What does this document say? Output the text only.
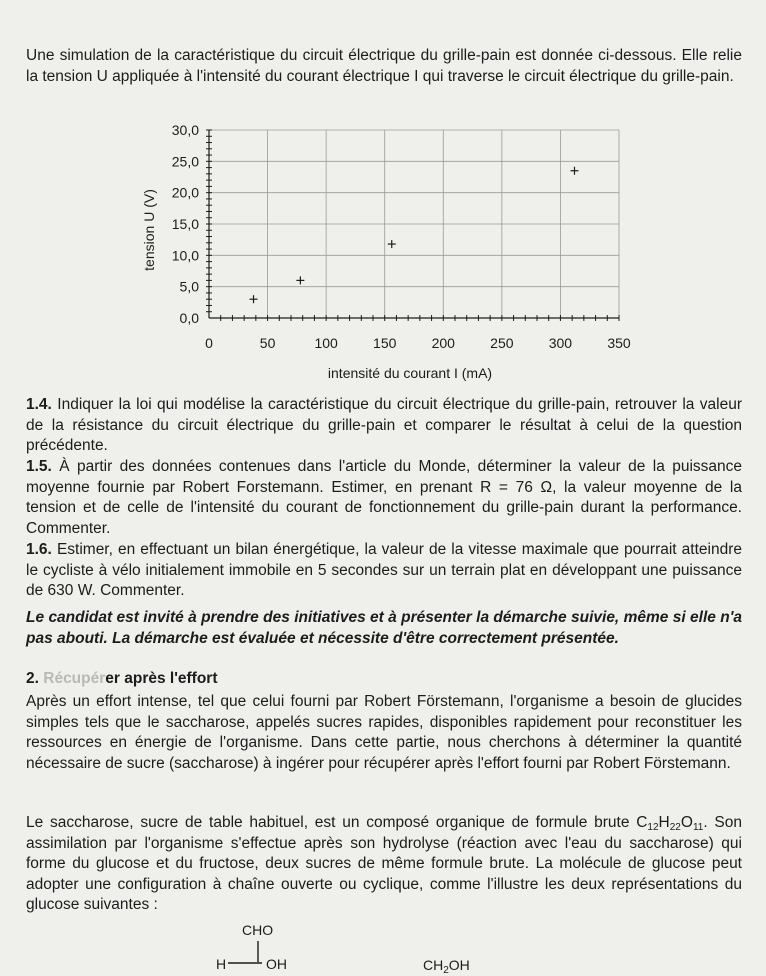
Une simulation de la caractéristique du circuit électrique du grille-pain est donnée ci-dessous. Elle relie la tension U appliquée à l'intensité du courant électrique I qui traverse le circuit électrique du grille-pain.

0	50	100	150	200	250	300	350
0,0
5,0
10,0
15,0
20,0
25,0
30,0
intensité du courant I (mA)
tension U (V)

1.4. Indiquer la loi qui modélise la caractéristique du circuit électrique du grille-pain, retrouver la valeur de la résistance du circuit électrique du grille-pain et comparer le résultat à celui de la question précédente.

1.5. À partir des données contenues dans l'article du Monde, déterminer la valeur de la puissance moyenne fournie par Robert Forstemann. Estimer, en prenant R = 76 Ω, la valeur moyenne de la tension et de celle de l'intensité du courant de fonctionnement du grille-pain durant la performance. Commenter.

1.6. Estimer, en effectuant un bilan énergétique, la valeur de la vitesse maximale que pourrait atteindre le cycliste à vélo initialement immobile en 5 secondes sur un terrain plat en développant une puissance de 630 W. Commenter.

Le candidat est invité à prendre des initiatives et à présenter la démarche suivie, même si elle n'a pas abouti. La démarche est évaluée et nécessite d'être correctement présentée.

2. Récupérer après l'effort

Après un effort intense, tel que celui fourni par Robert Förstemann, l'organisme a besoin de glucides simples tels que le saccharose, appelés sucres rapides, disponibles rapidement pour reconstituer les ressources en énergie de l'organisme. Dans cette partie, nous cherchons à déterminer la quantité nécessaire de sucre (saccharose) à ingérer pour récupérer après l'effort fourni par Robert Förstemann.

Le saccharose, sucre de table habituel, est un composé organique de formule brute $C_{12}H_{22}O_{11}$. Son assimilation par l'organisme s'effectue après son hydrolyse (réaction avec l'eau du saccharose) qui forme du glucose et du fructose, deux sucres de même formule brute. La molécule de glucose peut adopter une configuration à chaîne ouverte ou cyclique, comme l'illustre les deux représentations du glucose suivantes :

CHO
H	OH	$CH_2OH$
